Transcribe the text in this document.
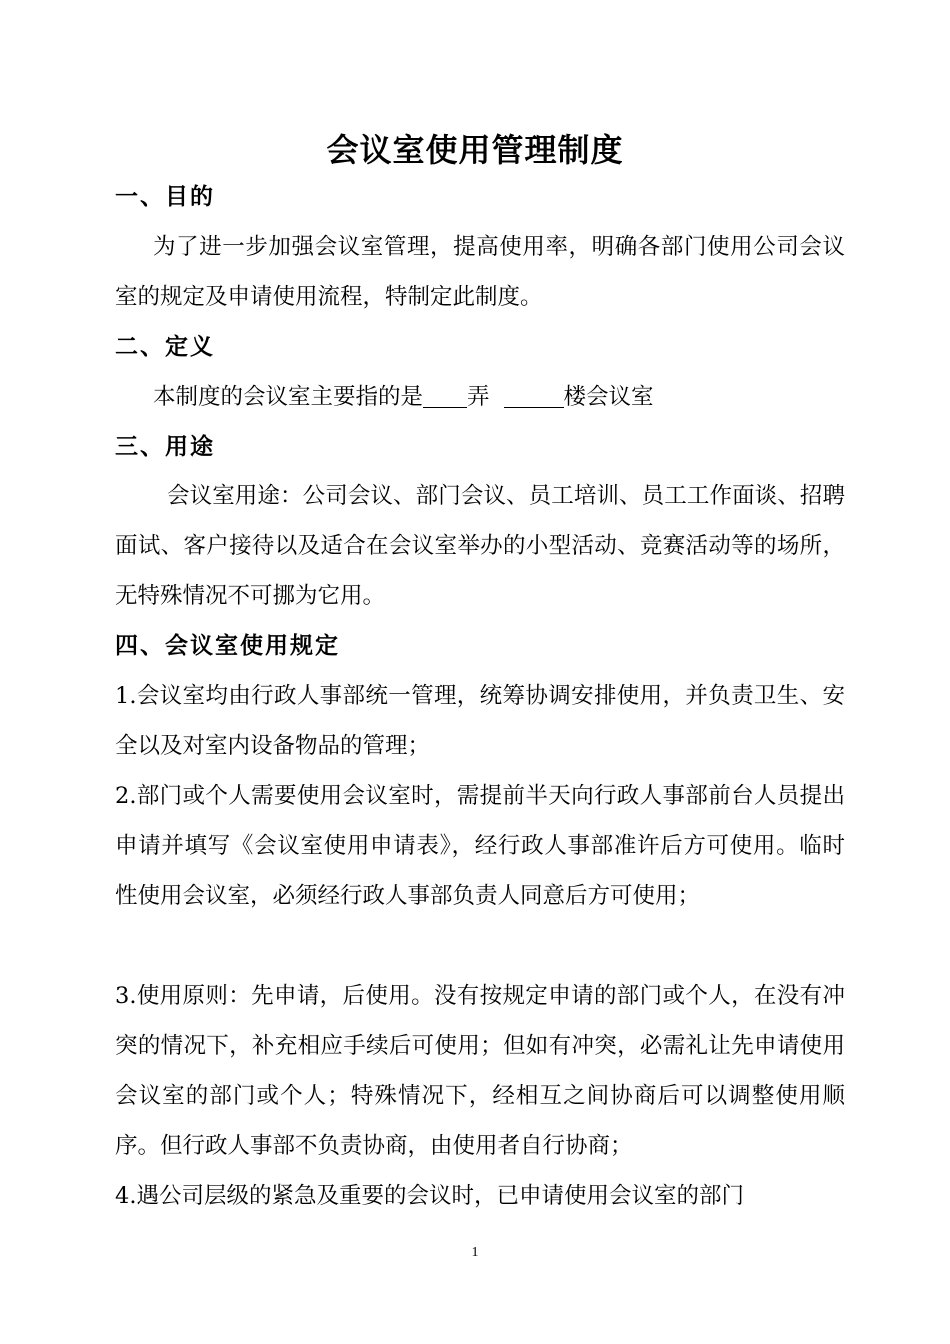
会议室使用管理制度
一、目的
为了进一步加强会议室管理，提高使用率，明确各部门使用公司会议室的规定及申请使用流程，特制定此制度。
二、定义
本制度的会议室主要指的是 弄	楼会议室
三、用途
会议室用途：公司会议、部门会议、员工培训、员工工作面谈、招聘面试、客户接待以及适合在会议室举办的小型活动、竞赛活动等的场所，无特殊情况不可挪为它用。
四、会议室使用规定
1.会议室均由行政人事部统一管理，统筹协调安排使用，并负责卫生、安全以及对室内设备物品的管理；
2.部门或个人需要使用会议室时，需提前半天向行政人事部前台人员提出申请并填写《会议室使用申请表》，经行政人事部准许后方可使用。临时性使用会议室，必须经行政人事部负责人同意后方可使用；
3.使用原则：先申请，后使用。没有按规定申请的部门或个人，在没有冲突的情况下，补充相应手续后可使用；但如有冲突，必需礼让先申请使用会议室的部门或个人；特殊情况下，经相互之间协商后可以调整使用顺序。但行政人事部不负责协商，由使用者自行协商；
4.遇公司层级的紧急及重要的会议时，已申请使用会议室的部门
1
